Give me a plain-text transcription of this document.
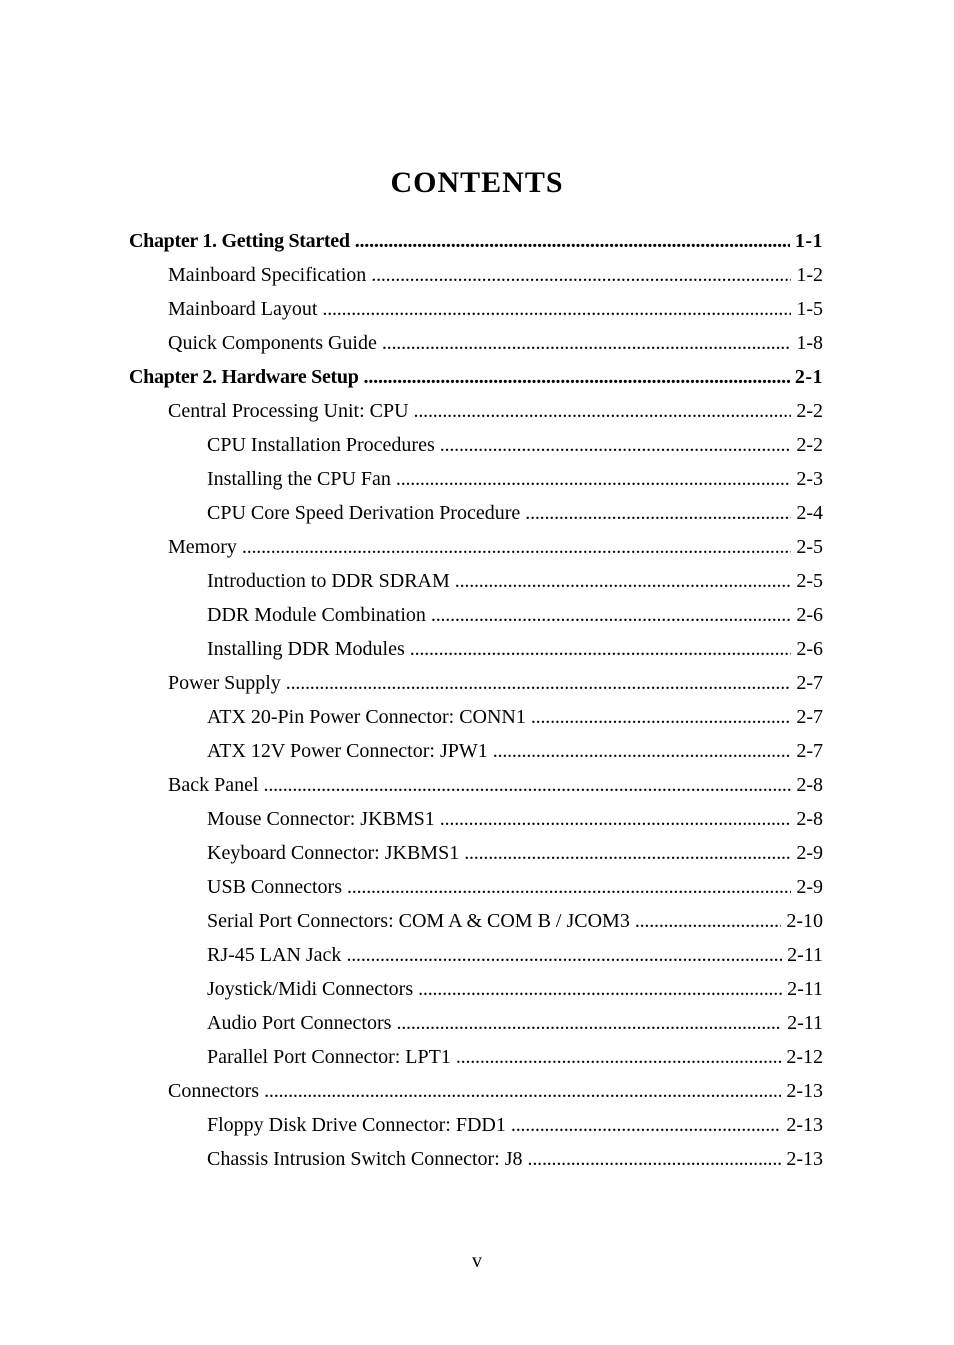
CONTENTS
Chapter 1. Getting Started . . .	1-1
Mainboard Specification . . .	1-2
Mainboard Layout . . .	1-5
Quick Components Guide . . .	1-8
Chapter 2. Hardware Setup . . .	2-1
Central Processing Unit: CPU . . .	2-2
CPU Installation Procedures . . .	2-2
Installing the CPU Fan . . .	2-3
CPU Core Speed Derivation Procedure . . .	2-4
Memory . . .	2-5
Introduction to DDR SDRAM . . .	2-5
DDR Module Combination . . .	2-6
Installing DDR Modules . . .	2-6
Power Supply . . .	2-7
ATX 20-Pin Power Connector: CONN1 . . .	2-7
ATX 12V Power Connector: JPW1 . . .	2-7
Back Panel . . .	2-8
Mouse Connector: JKBMS1 . . .	2-8
Keyboard Connector: JKBMS1 . . .	2-9
USB Connectors . . .	2-9
Serial Port Connectors: COM A & COM B / JCOM3 . . .	2-10
RJ-45 LAN Jack . . .	2-11
Joystick/Midi Connectors . . .	2-11
Audio Port Connectors . . .	2-11
Parallel Port Connector: LPT1 . . .	2-12
Connectors . . .	2-13
Floppy Disk Drive Connector: FDD1 . . .	2-13
Chassis Intrusion Switch Connector: J8 . . .	2-13
v
